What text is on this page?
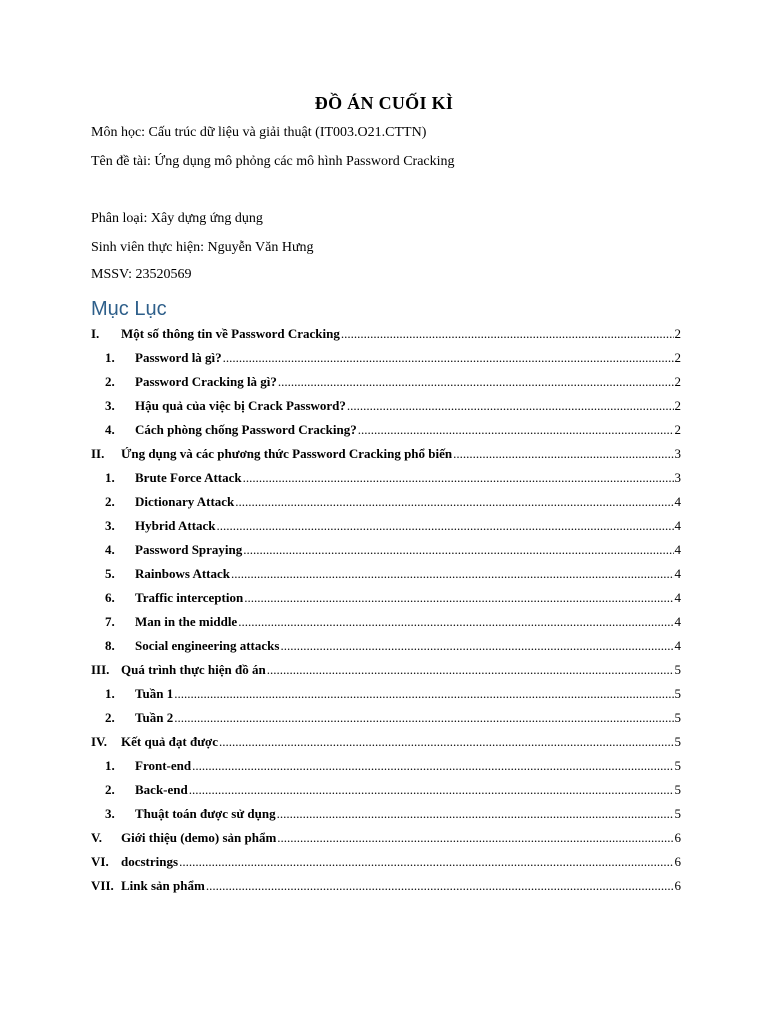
ĐỒ ÁN CUỐI KÌ
Môn học: Cấu trúc dữ liệu và giải thuật (IT003.O21.CTTN)
Tên đề tài: Ứng dụng mô phỏng các mô hình Password Cracking
Phân loại: Xây dựng ứng dụng
Sinh viên thực hiện: Nguyễn Văn Hưng
MSSV: 23520569
Mục Lục
I.	Một số thông tin về Password Cracking .....	2
1.	Password là gì? .....	2
2.	Password Cracking là gì? .....	2
3.	Hậu quả của việc bị Crack Password? .....	2
4.	Cách phòng chống Password Cracking? .....	2
II.	Ứng dụng và các phương thức Password Cracking phổ biến .....	3
1.	Brute Force Attack .....	3
2.	Dictionary Attack .....	4
3.	Hybrid Attack .....	4
4.	Password Spraying .....	4
5.	Rainbows Attack .....	4
6.	Traffic interception .....	4
7.	Man in the middle .....	4
8.	Social engineering attacks .....	4
III. Quá trình thực hiện đồ án .....	5
1.	Tuần 1 .....	5
2.	Tuần 2 .....	5
IV.	Kết quả đạt được .....	5
1.	Front-end .....	5
2.	Back-end .....	5
3.	Thuật toán được sử dụng .....	5
V.	Giới thiệu (demo) sản phẩm .....	6
VI. docstrings .....	6
VII. Link sản phẩm .....	6
